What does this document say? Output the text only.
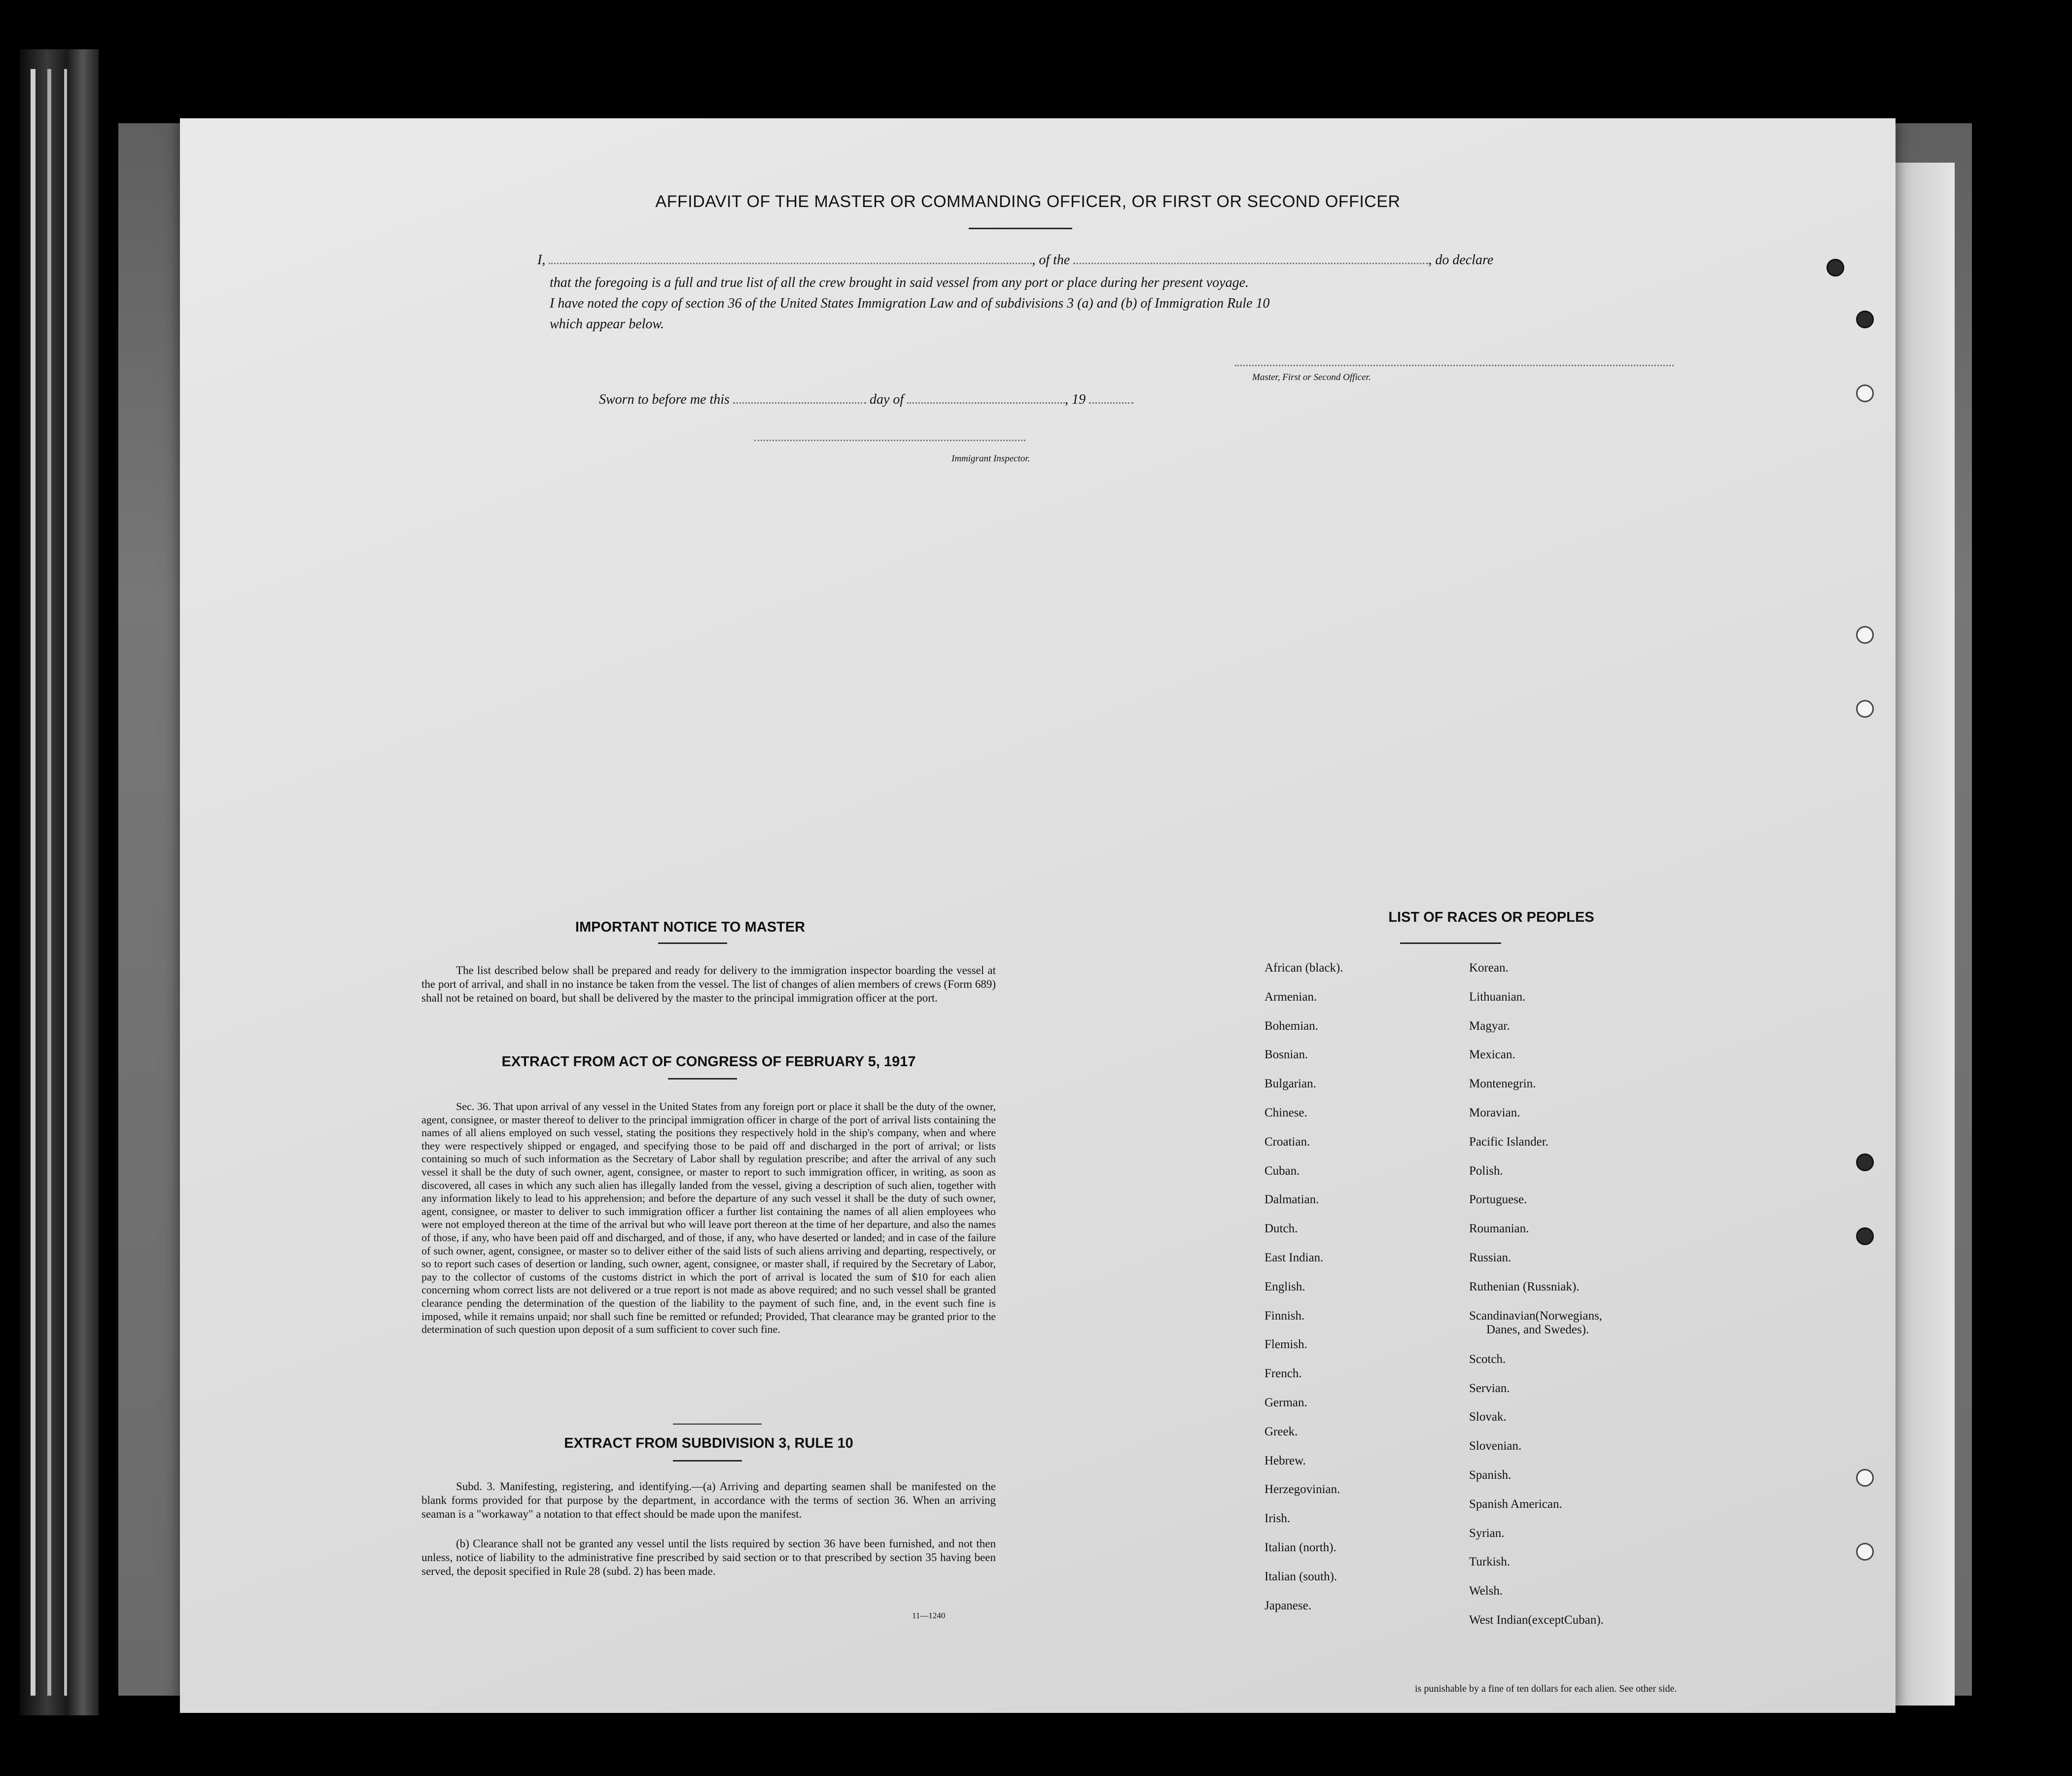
AFFIDAVIT OF THE MASTER OR COMMANDING OFFICER, OR FIRST OR SECOND OFFICER
I,	, of the	, do declare
that the foregoing is a full and true list of all the crew brought in said vessel from any port or place during her present voyage.
I have noted the copy of section 36 of the United States Immigration Law and of subdivisions 3 (a) and (b) of Immigration Rule 10
which appear below.
Master, First or Second Officer.
Sworn to before me this	day of	, 19
Immigrant Inspector.
IMPORTANT NOTICE TO MASTER
The list described below shall be prepared and ready for delivery to the immigration inspector boarding the vessel at the port of arrival, and shall in no instance be taken from the vessel. The list of changes of alien members of crews (Form 689) shall not be retained on board, but shall be delivered by the master to the principal immigration officer at the port.
EXTRACT FROM ACT OF CONGRESS OF FEBRUARY 5, 1917
Sec. 36. That upon arrival of any vessel in the United States from any foreign port or place it shall be the duty of the owner, agent, consignee, or master thereof to deliver to the principal immigration officer in charge of the port of arrival lists containing the names of all aliens employed on such vessel, stating the positions they respectively hold in the ship's company, when and where they were respectively shipped or engaged, and specifying those to be paid off and discharged in the port of arrival; or lists containing so much of such information as the Secretary of Labor shall by regulation prescribe; and after the arrival of any such vessel it shall be the duty of such owner, agent, consignee, or master to report to such immigration officer, in writing, as soon as discovered, all cases in which any such alien has illegally landed from the vessel, giving a description of such alien, together with any information likely to lead to his apprehension; and before the departure of any such vessel it shall be the duty of such owner, agent, consignee, or master to deliver to such immigration officer a further list containing the names of all alien employees who were not employed thereon at the time of the arrival but who will leave port thereon at the time of her departure, and also the names of those, if any, who have been paid off and discharged, and of those, if any, who have deserted or landed; and in case of the failure of such owner, agent, consignee, or master so to deliver either of the said lists of such aliens arriving and departing, respectively, or so to report such cases of desertion or landing, such owner, agent, consignee, or master shall, if required by the Secretary of Labor, pay to the collector of customs of the customs district in which the port of arrival is located the sum of $10 for each alien concerning whom correct lists are not delivered or a true report is not made as above required; and no such vessel shall be granted clearance pending the determination of the question of the liability to the payment of such fine, and, in the event such fine is imposed, while it remains unpaid; nor shall such fine be remitted or refunded; Provided, That clearance may be granted prior to the determination of such question upon deposit of a sum sufficient to cover such fine.
EXTRACT FROM SUBDIVISION 3, RULE 10
Subd. 3. Manifesting, registering, and identifying.—(a) Arriving and departing seamen shall be manifested on the blank forms provided for that purpose by the department, in accordance with the terms of section 36. When an arriving seaman is a "workaway" a notation to that effect should be made upon the manifest.
(b) Clearance shall not be granted any vessel until the lists required by section 36 have been furnished, and not then unless, notice of liability to the administrative fine prescribed by said section or to that prescribed by section 35 having been served, the deposit specified in Rule 28 (subd. 2) has been made.
11—1240
LIST OF RACES OR PEOPLES
is punishable by a fine of ten dollars for each alien. See other side.
African (black).
Armenian.
Bohemian.
Bosnian.
Bulgarian.
Chinese.
Croatian.
Cuban.
Dalmatian.
Dutch.
East Indian.
English.
Finnish.
Flemish.
French.
German.
Greek.
Hebrew.
Herzegovinian.
Irish.
Italian (north).
Italian (south).
Japanese.
Korean.
Lithuanian.
Magyar.
Mexican.
Montenegrin.
Moravian.
Pacific Islander.
Polish.
Portuguese.
Roumanian.
Russian.
Ruthenian (Russniak).
Scandinavian(Norwegians,
Scotch.
Servian.
Slovak.
Slovenian.
Spanish.
Spanish American.
Syrian.
Turkish.
Welsh.
West Indian(exceptCuban).
Danes, and Swedes).
